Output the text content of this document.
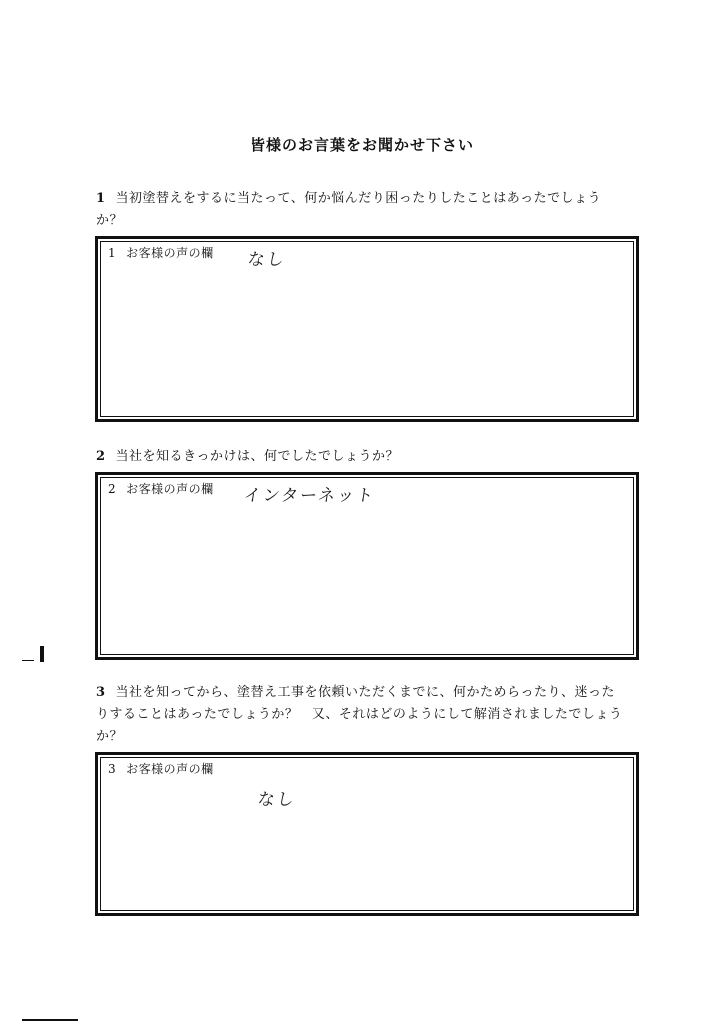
皆様のお言葉をお聞かせ下さい
1 当初塗替えをするに当たって、何か悩んだり困ったりしたことはあったでしょう
か？
1 お客様の声の欄 なし
2 当社を知るきっかけは、何でしたでしょうか？
2 お客様の声の欄 インターネット
3 当社を知ってから、塗替え工事を依頼いただくまでに、何かためらったり、迷った
りすることはあったでしょうか？　又、それはどのようにして解消されましたでしょう
か？
3 お客様の声の欄
なし
